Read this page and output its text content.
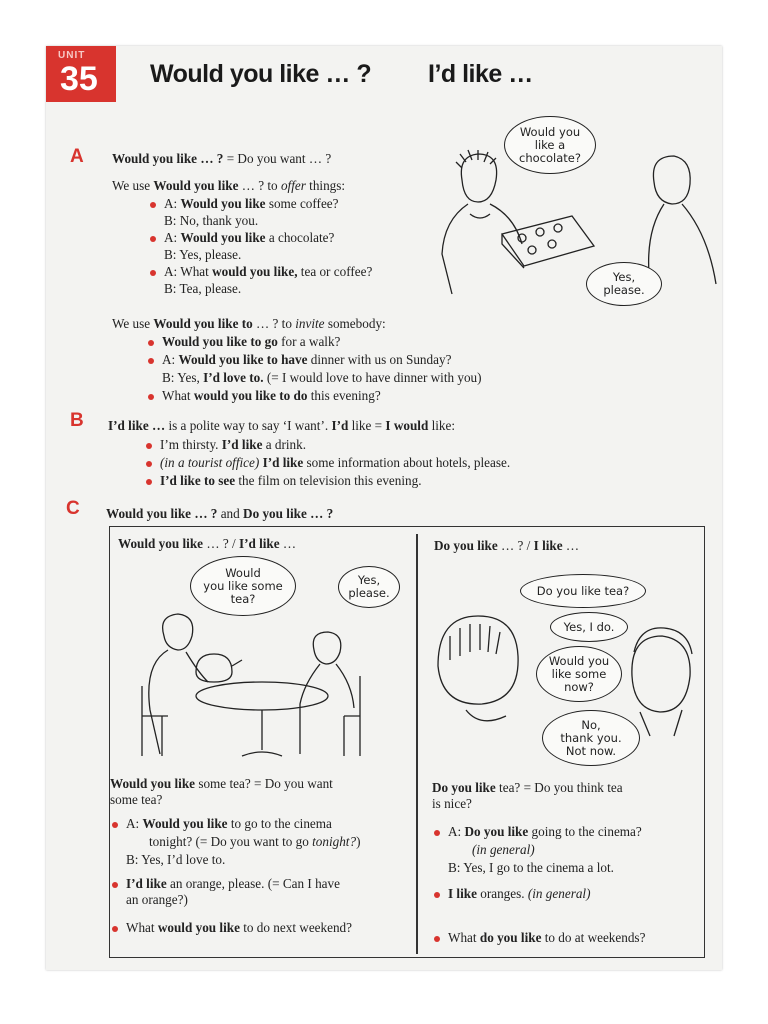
UNIT
35 Would you like … ? I’d like …
A Would you like … ? = Do you want … ?
We use Would you like … ? to offer things:
A: Would you like some coffee?
B: No, thank you.
A: Would you like a chocolate?
B: Yes, please.
A: What would you like, tea or coffee?
B: Tea, please.
We use Would you like to … ? to invite somebody:
Would you like to go for a walk?
A: Would you like to have dinner with us on Sunday?
B: Yes, I’d love to. (= I would love to have dinner with you)
What would you like to do this evening?
Would you
like a
chocolate?
Yes,
please.
B I’d like … is a polite way to say ‘I want’. I’d like = I would like:
I’m thirsty. I’d like a drink.
(in a tourist office) I’d like some information about hotels, please.
I’d like to see the film on television this evening.
C Would you like … ? and Do you like … ?
Would you like … ? / I’d like …
Would
you like some
tea?
Yes,
please.
Would you like some tea? = Do you want
some tea?
A: Would you like to go to the cinema
tonight? (= Do you want to go tonight?)
B: Yes, I’d love to.
I’d like an orange, please. (= Can I have
an orange?)
What would you like to do next weekend?
Do you like … ? / I like …
Do you like tea?
Yes, I do.
Would you
like some
now?
No,
thank you.
Not now.
Do you like tea? = Do you think tea
is nice?
A: Do you like going to the cinema?
(in general)
B: Yes, I go to the cinema a lot.
I like oranges. (in general)
What do you like to do at weekends?
